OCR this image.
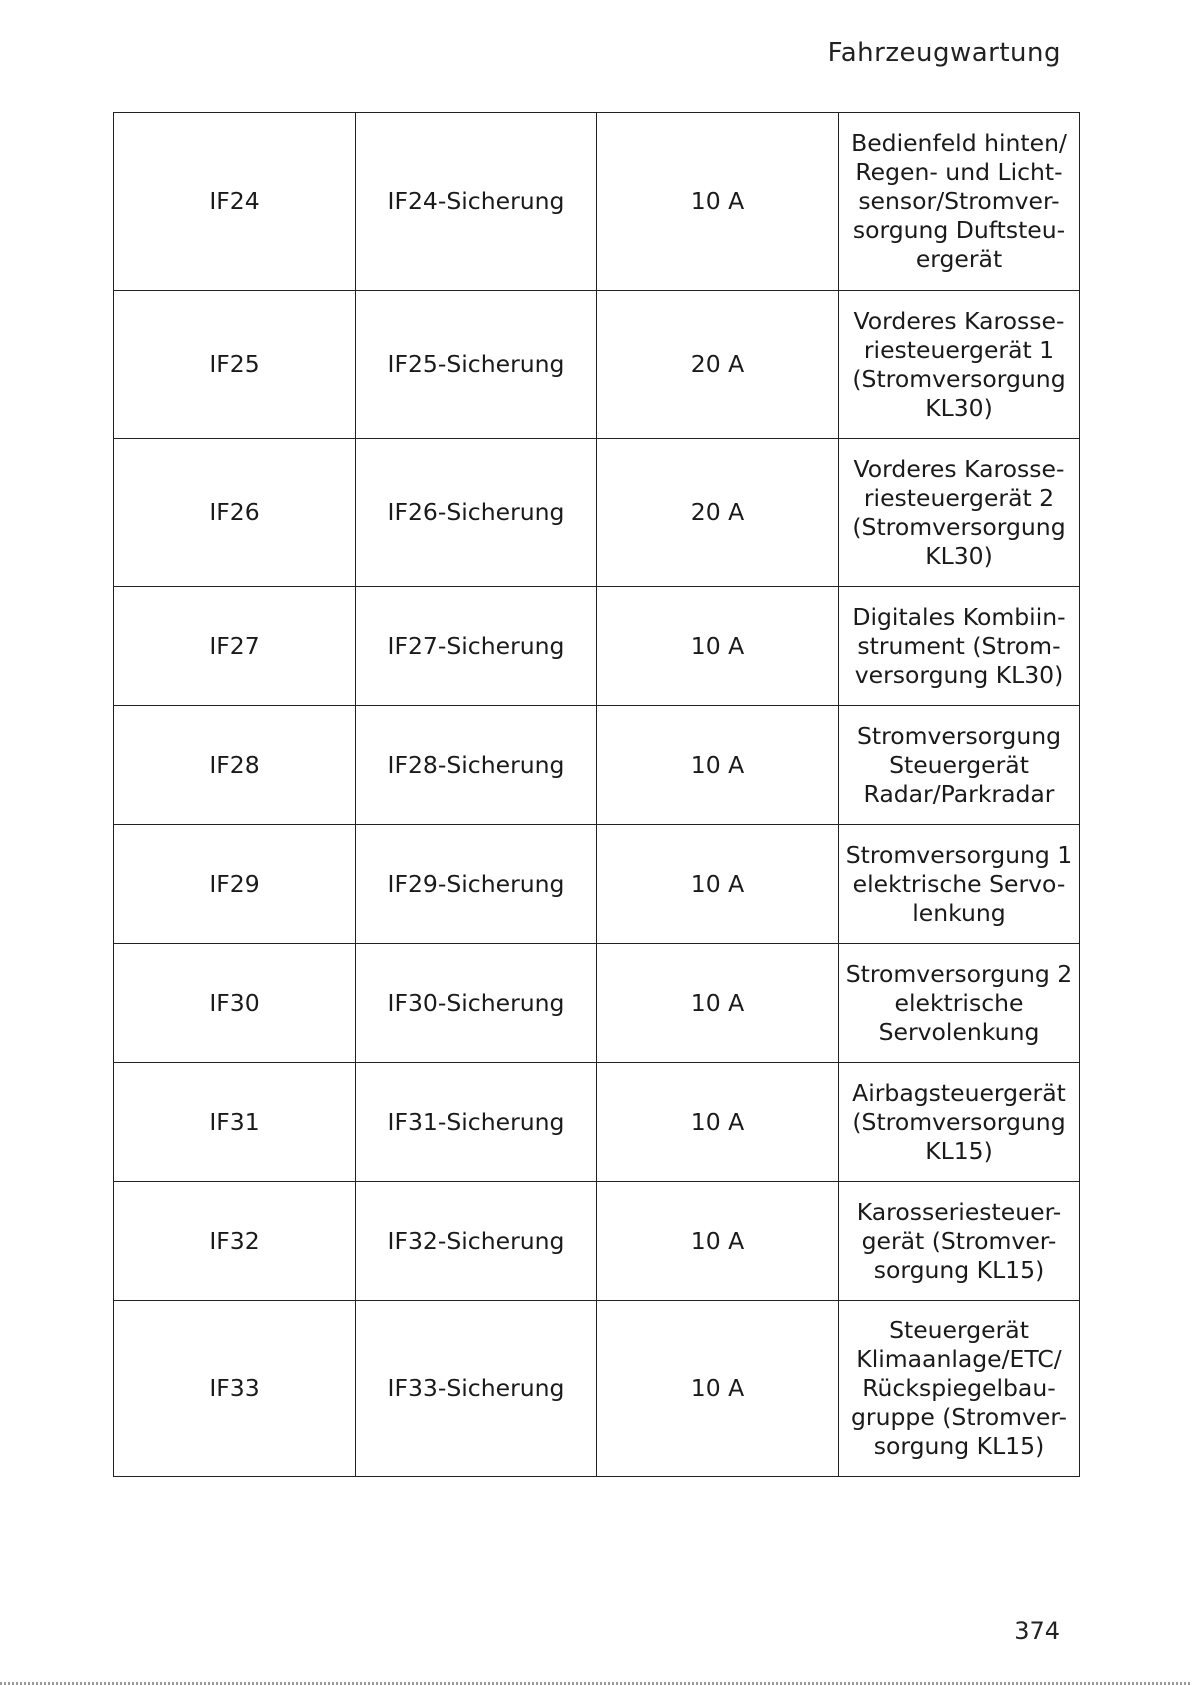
Fahrzeugwartung
IF24	IF24-Sicherung	10 A	Bedienfeld hinten/ Regen- und Licht-sensor/Stromver-sorgung Duftsteu-ergerät
IF25	IF25-Sicherung	20 A	Vorderes Karosse-riesteuergerät 1 (Stromversorgung KL30)
IF26	IF26-Sicherung	20 A	Vorderes Karosse-riesteuergerät 2 (Stromversorgung KL30)
IF27	IF27-Sicherung	10 A	Digitales Kombiin-strument (Strom-versorgung KL30)
IF28	IF28-Sicherung	10 A	Stromversorgung Steuergerät Radar/Parkradar
IF29	IF29-Sicherung	10 A	Stromversorgung 1 elektrische Servo-lenkung
IF30	IF30-Sicherung	10 A	Stromversorgung 2 elektrische Servolenkung
IF31	IF31-Sicherung	10 A	Airbagsteuergerät (Stromversorgung KL15)
IF32	IF32-Sicherung	10 A	Karosseriesteuer-gerät (Stromver-sorgung KL15)
IF33	IF33-Sicherung	10 A	Steuergerät Klimaanlage/ETC/ Rückspiegelbau-gruppe (Stromver-sorgung KL15)
374
